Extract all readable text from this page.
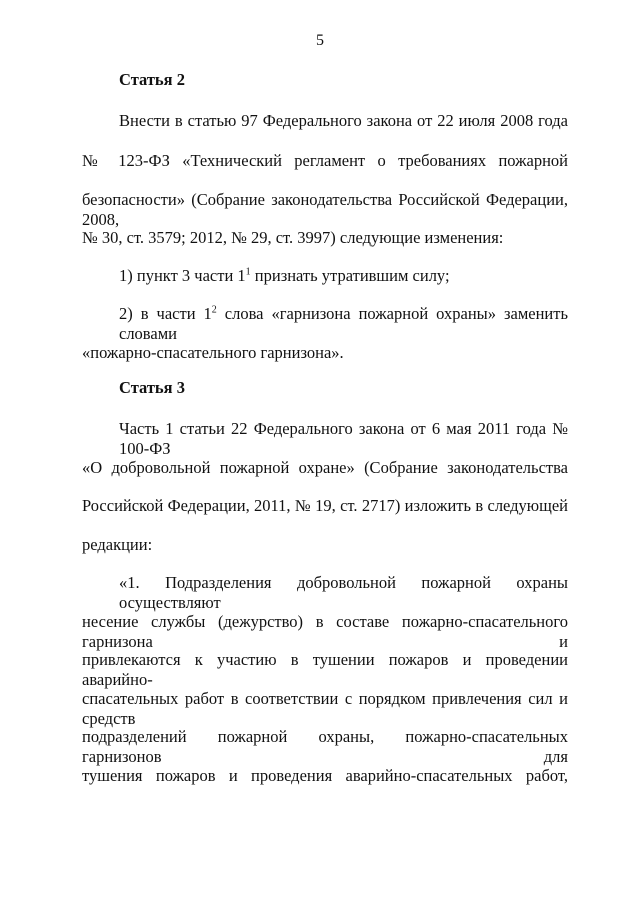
5
Статья 2
Внести в статью 97 Федерального закона от 22 июля 2008 года
№ 123-ФЗ «Технический регламент о требованиях пожарной
безопасности» (Собрание законодательства Российской Федерации, 2008,
№ 30, ст. 3579; 2012, № 29, ст. 3997) следующие изменения:
1) пункт 3 части $1^1$ признать утратившим силу;
2) в части $1^2$ слова «гарнизона пожарной охраны» заменить словами
«пожарно-спасательного гарнизона».
Статья 3
Часть 1 статьи 22 Федерального закона от 6 мая 2011 года № 100-ФЗ
«О добровольной пожарной охране» (Собрание законодательства
Российской Федерации, 2011, № 19, ст. 2717) изложить в следующей
редакции:
«1. Подразделения добровольной пожарной охраны осуществляют
несение службы (дежурство) в составе пожарно-спасательного гарнизона и
привлекаются к участию в тушении пожаров и проведении аварийно-
спасательных работ в соответствии с порядком привлечения сил и средств
подразделений пожарной охраны, пожарно-спасательных гарнизонов для
тушения пожаров и проведения аварийно-спасательных работ,
